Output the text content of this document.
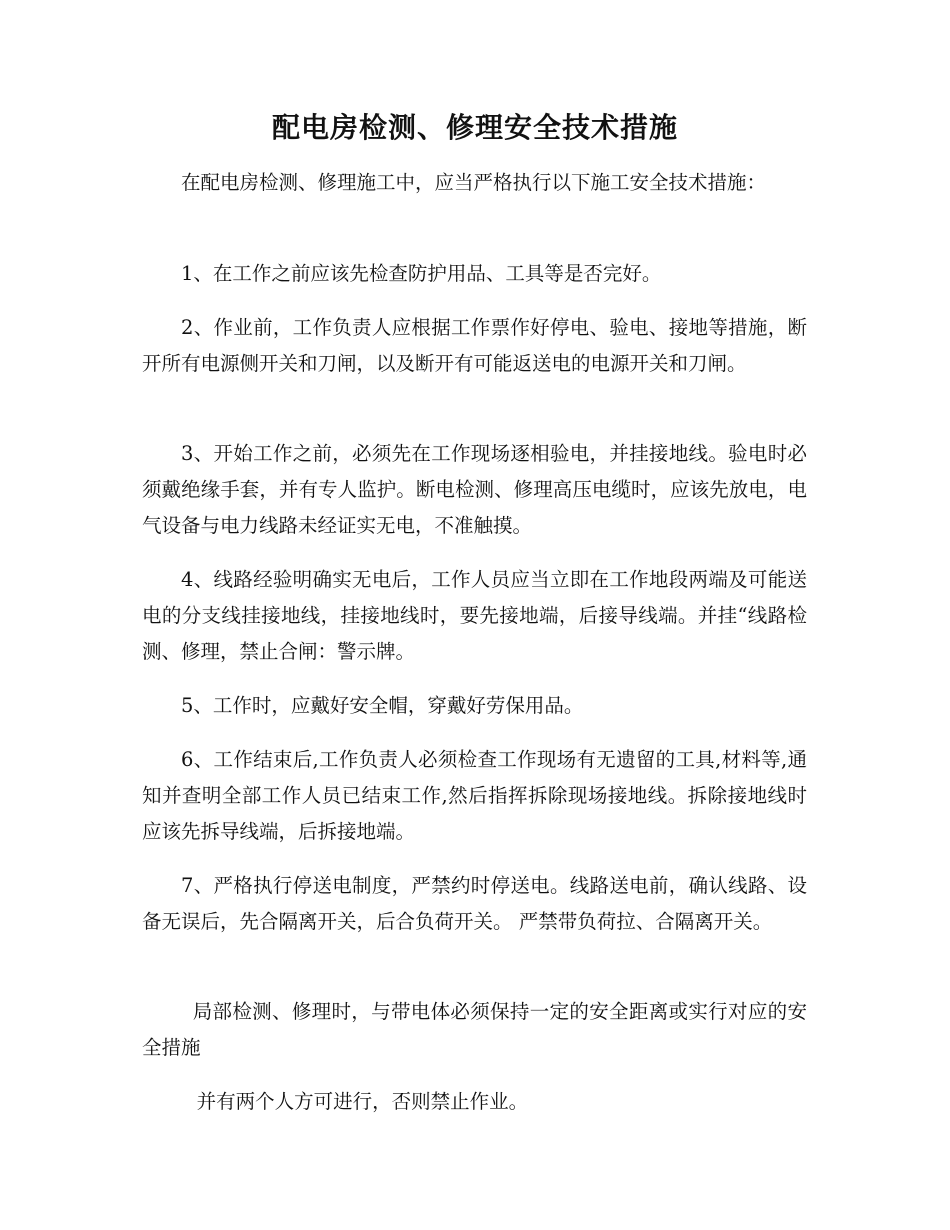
配电房检测、修理安全技术措施

在配电房检测、修理施工中，应当严格执行以下施工安全技术措施：

1、在工作之前应该先检查防护用品、工具等是否完好。

2、作业前，工作负责人应根据工作票作好停电、验电、接地等措施，断开所有电源侧开关和刀闸，以及断开有可能返送电的电源开关和刀闸。

3、开始工作之前，必须先在工作现场逐相验电，并挂接地线。验电时必须戴绝缘手套，并有专人监护。断电检测、修理高压电缆时，应该先放电，电气设备与电力线路未经证实无电，不准触摸。

4、线路经验明确实无电后，工作人员应当立即在工作地段两端及可能送电的分支线挂接地线，挂接地线时，要先接地端，后接导线端。并挂“线路检测、修理，禁止合闸：警示牌。

5、工作时，应戴好安全帽，穿戴好劳保用品。

6、工作结束后,工作负责人必须检查工作现场有无遗留的工具,材料等,通知并查明全部工作人员已结束工作,然后指挥拆除现场接地线。拆除接地线时应该先拆导线端，后拆接地端。

7、严格执行停送电制度，严禁约时停送电。线路送电前，确认线路、设备无误后，先合隔离开关，后合负荷开关。 严禁带负荷拉、合隔离开关。

局部检测、修理时，与带电体必须保持一定的安全距离或实行对应的安全措施

并有两个人方可进行，否则禁止作业。
